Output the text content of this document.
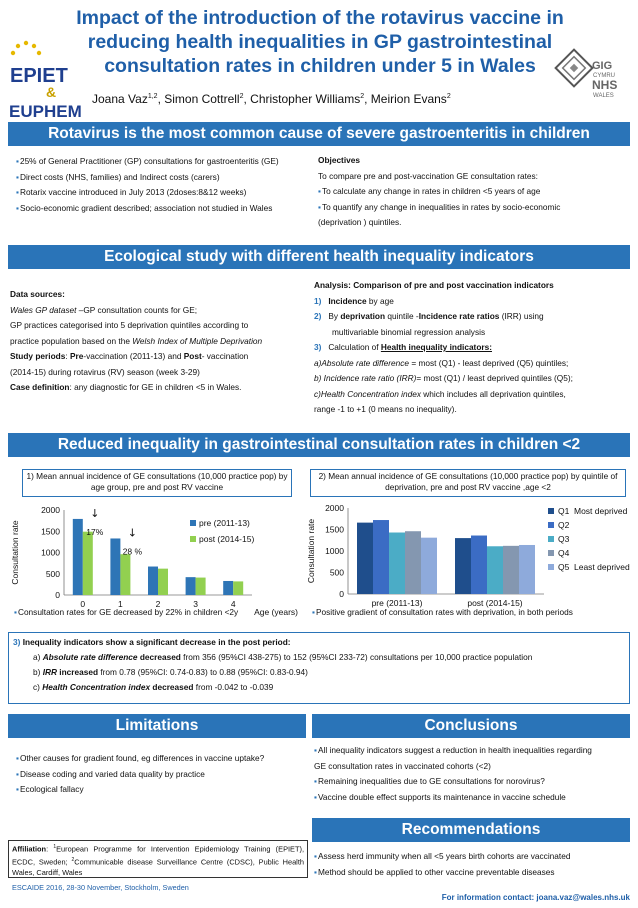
EPIET
&
EUPHEM
GIG
CYMRU
NHS
WALES
Impact of the introduction of the rotavirus vaccine in reducing health inequalities in GP gastrointestinal consultation rates in children under 5 in Wales
Joana Vaz$^{1,2}$, Simon Cottrell$^2$, Christopher Williams$^2$, Meirion Evans$^2$
Rotavirus is the most common cause of severe gastroenteritis in children

▪ 25% of General Practitioner (GP) consultations for gastroenteritis (GE)

▪ Direct costs (NHS, families) and Indirect costs (carers)

▪ Rotarix vaccine introduced in July 2013 (2doses:8&12 weeks)

▪ Socio-economic gradient described; association not studied in Wales

Objectives

To compare pre and post-vaccination GE consultation rates:

▪ To calculate any change in rates in children <5 years of age

▪ To quantify any change in inequalities in rates by socio-economic

(deprivation ) quintiles.

Ecological study with different health inequality indicators

Data sources:

Wales GP dataset –GP consultation counts for GE;

GP practices categorised into 5 deprivation quintiles according to

practice population based on the Welsh Index of Multiple Deprivation

Study periods: Pre-vaccination (2011-13) and Post- vaccination

(2014-15) during rotavirus (RV) season (week 3-29)

Case definition: any diagnostic for GE in children <5 in Wales.

Analysis: Comparison of pre and post vaccination indicators

1) Incidence by age

2) By deprivation quintile -Incidence rate ratios (IRR) using

multivariable binomial regression analysis

3) Calculation of Health inequality indicators:

a)Absolute rate difference = most (Q1) - least deprived (Q5) quintiles;

b) Incidence rate ratio (IRR)= most (Q1) / least deprived quintiles (Q5);

c)Health Concentration index which includes all deprivation quintiles,

range -1 to +1 (0 means no inequality).

Reduced inequality in gastrointestinal consultation rates in children <2
1) Mean annual incidence of GE consultations (10,000 practice pop) by age group, pre and post RV vaccine
0
500
1000
1500
2000
Consultation rate
0	1	2	3	4
↓
17% ↓
28 %
pre (2011-13)
post (2014-15)
Age (years)

▪ Consultation rates for GE decreased by 22% in children <2y

2) Mean annual incidence of GE consultations (10,000 practice pop) by quintile of deprivation, pre and post RV vaccine ,age <2
0
500
1000
1500
2000
Consultation rate
pre (2011-13)	post (2014-15)
Q1
Q2
Q3
Q4
Q5
Most deprived
Least deprived

▪ Positive gradient of consultation rates with deprivation, in both periods

3) Inequality indicators show a significant decrease in the post period:

a) Absolute rate difference decreased from 356 (95%CI 438-275) to 152 (95%CI 233-72) consultations per 10,000 practice population

b) IRR increased from 0.78 (95%CI: 0.74-0.83) to 0.88 (95%CI: 0.83-0.94)

c) Health Concentration index decreased from -0.042 to -0.039

Limitations	Conclusions

▪ Other causes for gradient found, eg differences in vaccine uptake?

▪ Disease coding and varied data quality by practice

▪ Ecological fallacy

▪ All inequality indicators suggest a reduction in health inequalities regarding

GE consultation rates in vaccinated cohorts (<2)

▪ Remaining inequalities due to GE consultations for norovirus?

▪ Vaccine double effect supports its maintenance in vaccine schedule

Recommendations

▪ Assess herd immunity when all <5 years birth cohorts are vaccinated

▪ Method should be applied to other vaccine preventable diseases

Affiliation: $^1$European Programme for Intervention Epidemiology Training (EPIET), ECDC, Sweden; $^2$Communicable disease Surveillance Centre (CDSC), Public Health Wales, Cardiff, Wales
ESCAIDE 2016, 28-30 November, Stockholm, Sweden
For information contact: joana.vaz@wales.nhs.uk
